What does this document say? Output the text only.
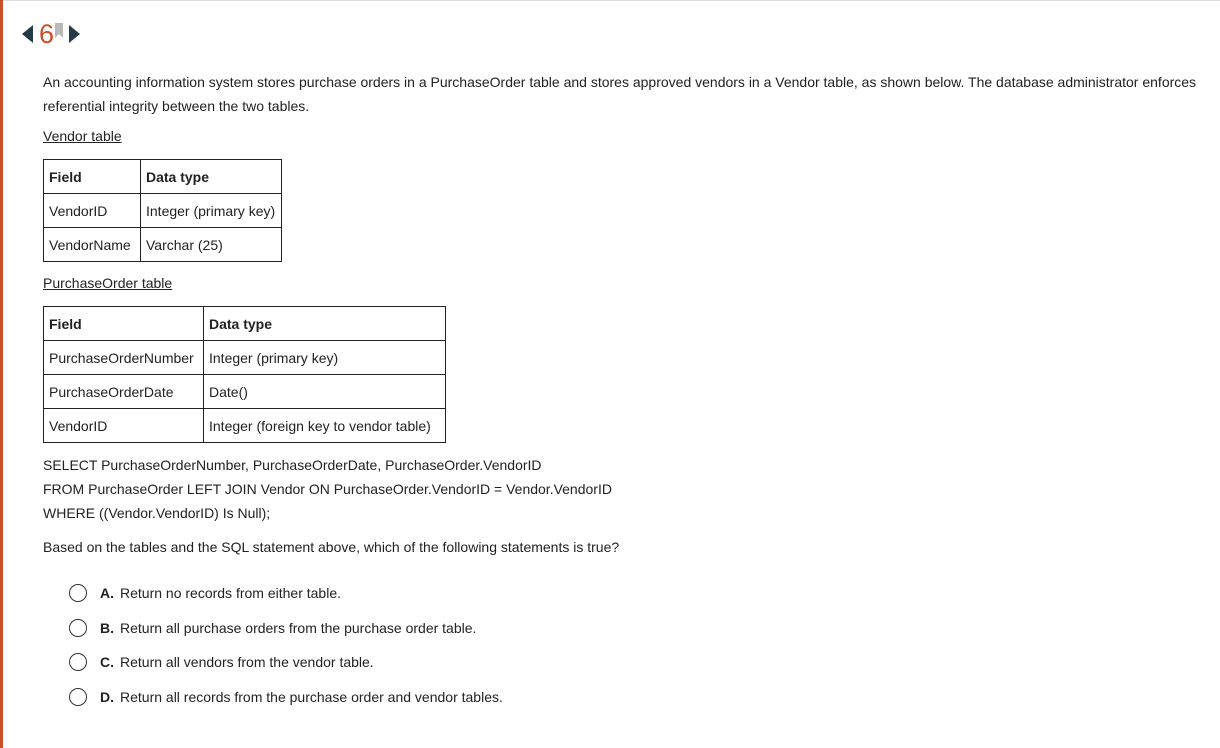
6

An accounting information system stores purchase orders in a PurchaseOrder table and stores approved vendors in a Vendor table, as shown below. The database administrator enforces referential integrity between the two tables.

Vendor table

Field	Data type
VendorID	Integer (primary key)
VendorName	Varchar (25)

PurchaseOrder table

Field	Data type
PurchaseOrderNumber	Integer (primary key)
PurchaseOrderDate	Date()
VendorID	Integer (foreign key to vendor table)

SELECT PurchaseOrderNumber, PurchaseOrderDate, PurchaseOrder.VendorID

FROM PurchaseOrder LEFT JOIN Vendor ON PurchaseOrder.VendorID = Vendor.VendorID

WHERE ((Vendor.VendorID) Is Null);

Based on the tables and the SQL statement above, which of the following statements is true?

A. Return no records from either table.
B. Return all purchase orders from the purchase order table.
C. Return all vendors from the vendor table.
D. Return all records from the purchase order and vendor tables.
